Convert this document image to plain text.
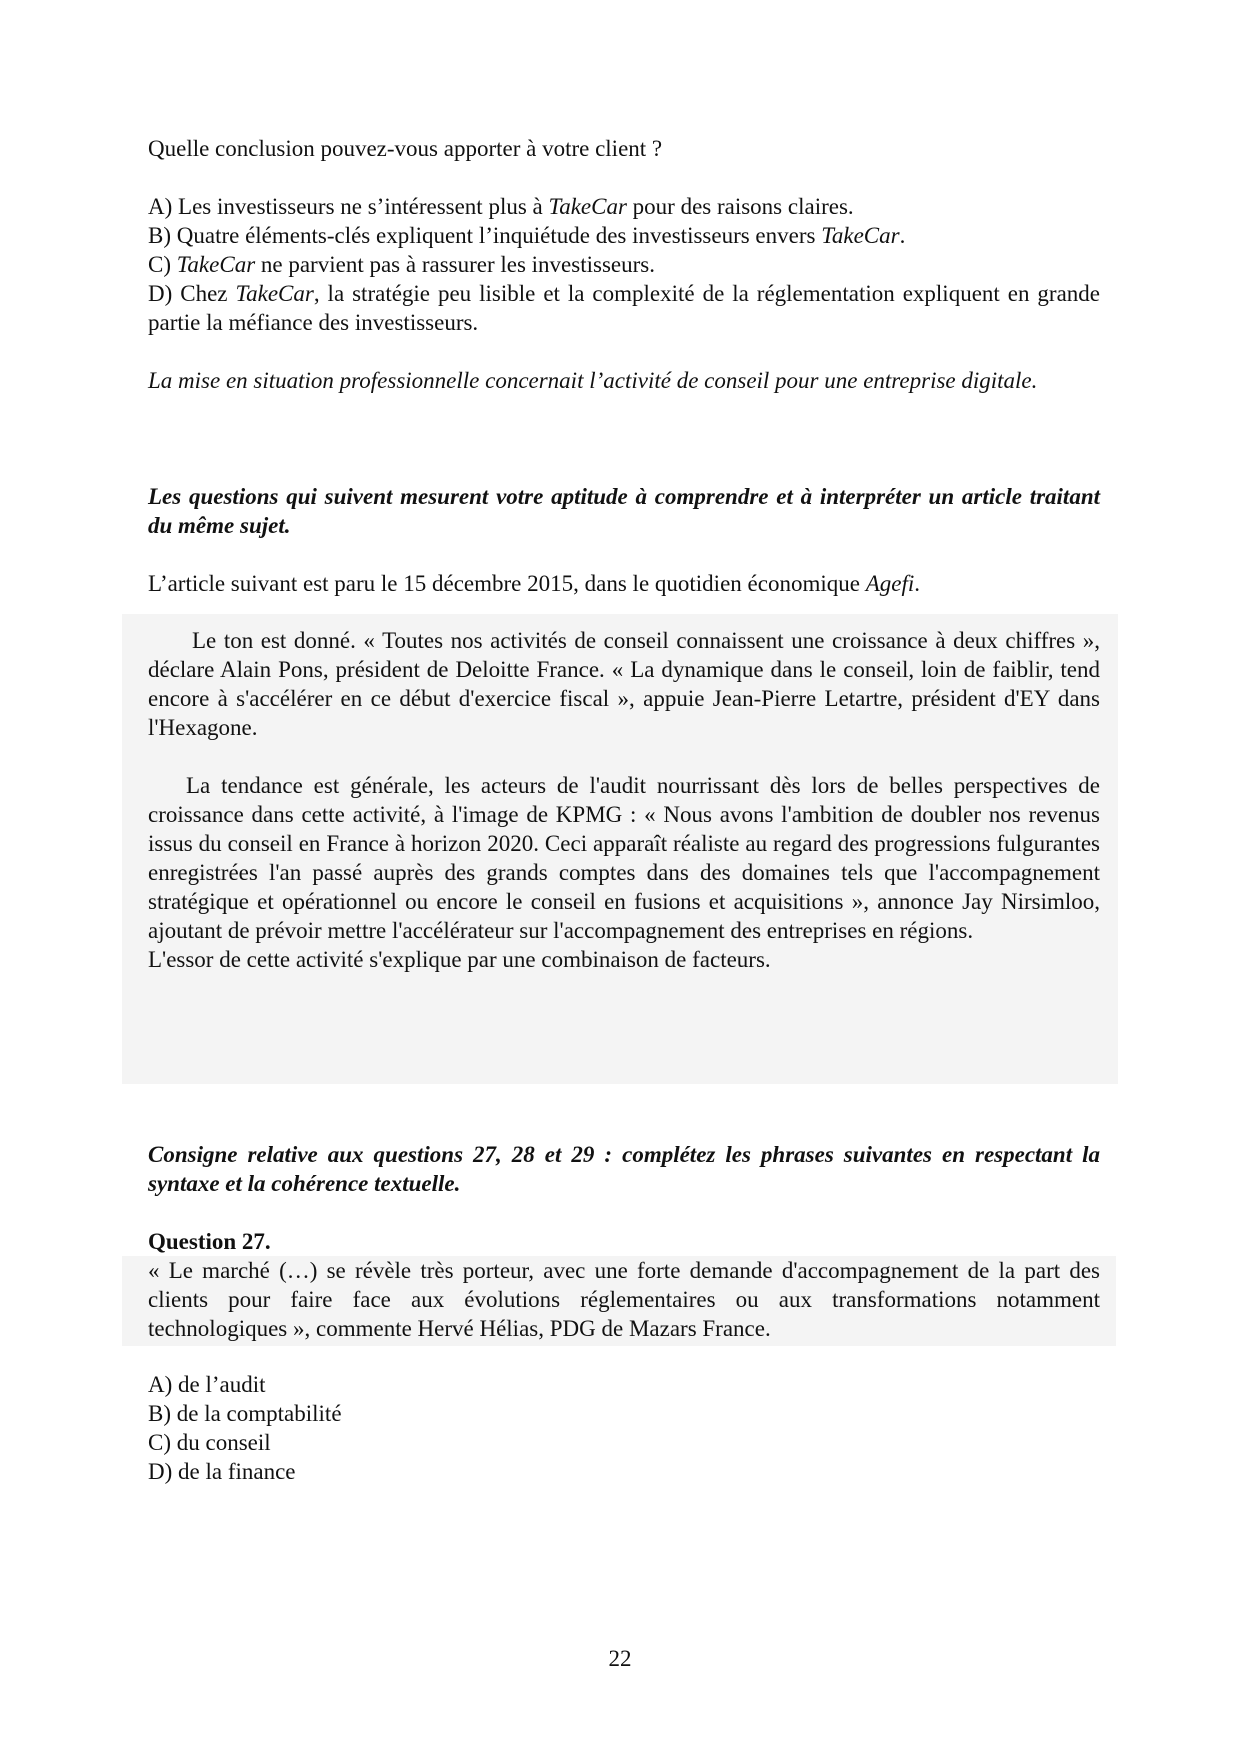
Quelle conclusion pouvez-vous apporter à votre client ?

A) Les investisseurs ne s’intéressent plus à TakeCar pour des raisons claires.

B) Quatre éléments-clés expliquent l’inquiétude des investisseurs envers TakeCar.

C) TakeCar ne parvient pas à rassurer les investisseurs.

D) Chez TakeCar, la stratégie peu lisible et la complexité de la réglementation expliquent en grande partie la méfiance des investisseurs.

La mise en situation professionnelle concernait l’activité de conseil pour une entreprise digitale.

Les questions qui suivent mesurent votre aptitude à comprendre et à interpréter un article traitant du même sujet.

L’article suivant est paru le 15 décembre 2015, dans le quotidien économique Agefi.

Le ton est donné. « Toutes nos activités de conseil connaissent une croissance à deux chiffres », déclare Alain Pons, président de Deloitte France. « La dynamique dans le conseil, loin de faiblir, tend encore à s'accélérer en ce début d'exercice fiscal », appuie Jean-Pierre Letartre, président d'EY dans l'Hexagone.

La tendance est générale, les acteurs de l'audit nourrissant dès lors de belles perspectives de croissance dans cette activité, à l'image de KPMG : « Nous avons l'ambition de doubler nos revenus issus du conseil en France à horizon 2020. Ceci apparaît réaliste au regard des progressions fulgurantes enregistrées l'an passé auprès des grands comptes dans des domaines tels que l'accompagnement stratégique et opérationnel ou encore le conseil en fusions et acquisitions », annonce Jay Nirsimloo, ajoutant de prévoir mettre l'accélérateur sur l'accompagnement des entreprises en régions.

L'essor de cette activité s'explique par une combinaison de facteurs.

Consigne relative aux questions 27, 28 et 29 : complétez les phrases suivantes en respectant la syntaxe et la cohérence textuelle.

Question 27.

« Le marché (…) se révèle très porteur, avec une forte demande d'accompagnement de la part des clients pour faire face aux évolutions réglementaires ou aux transformations notamment technologiques », commente Hervé Hélias, PDG de Mazars France.

A) de l’audit

B) de la comptabilité

C) du conseil

D) de la finance

22
